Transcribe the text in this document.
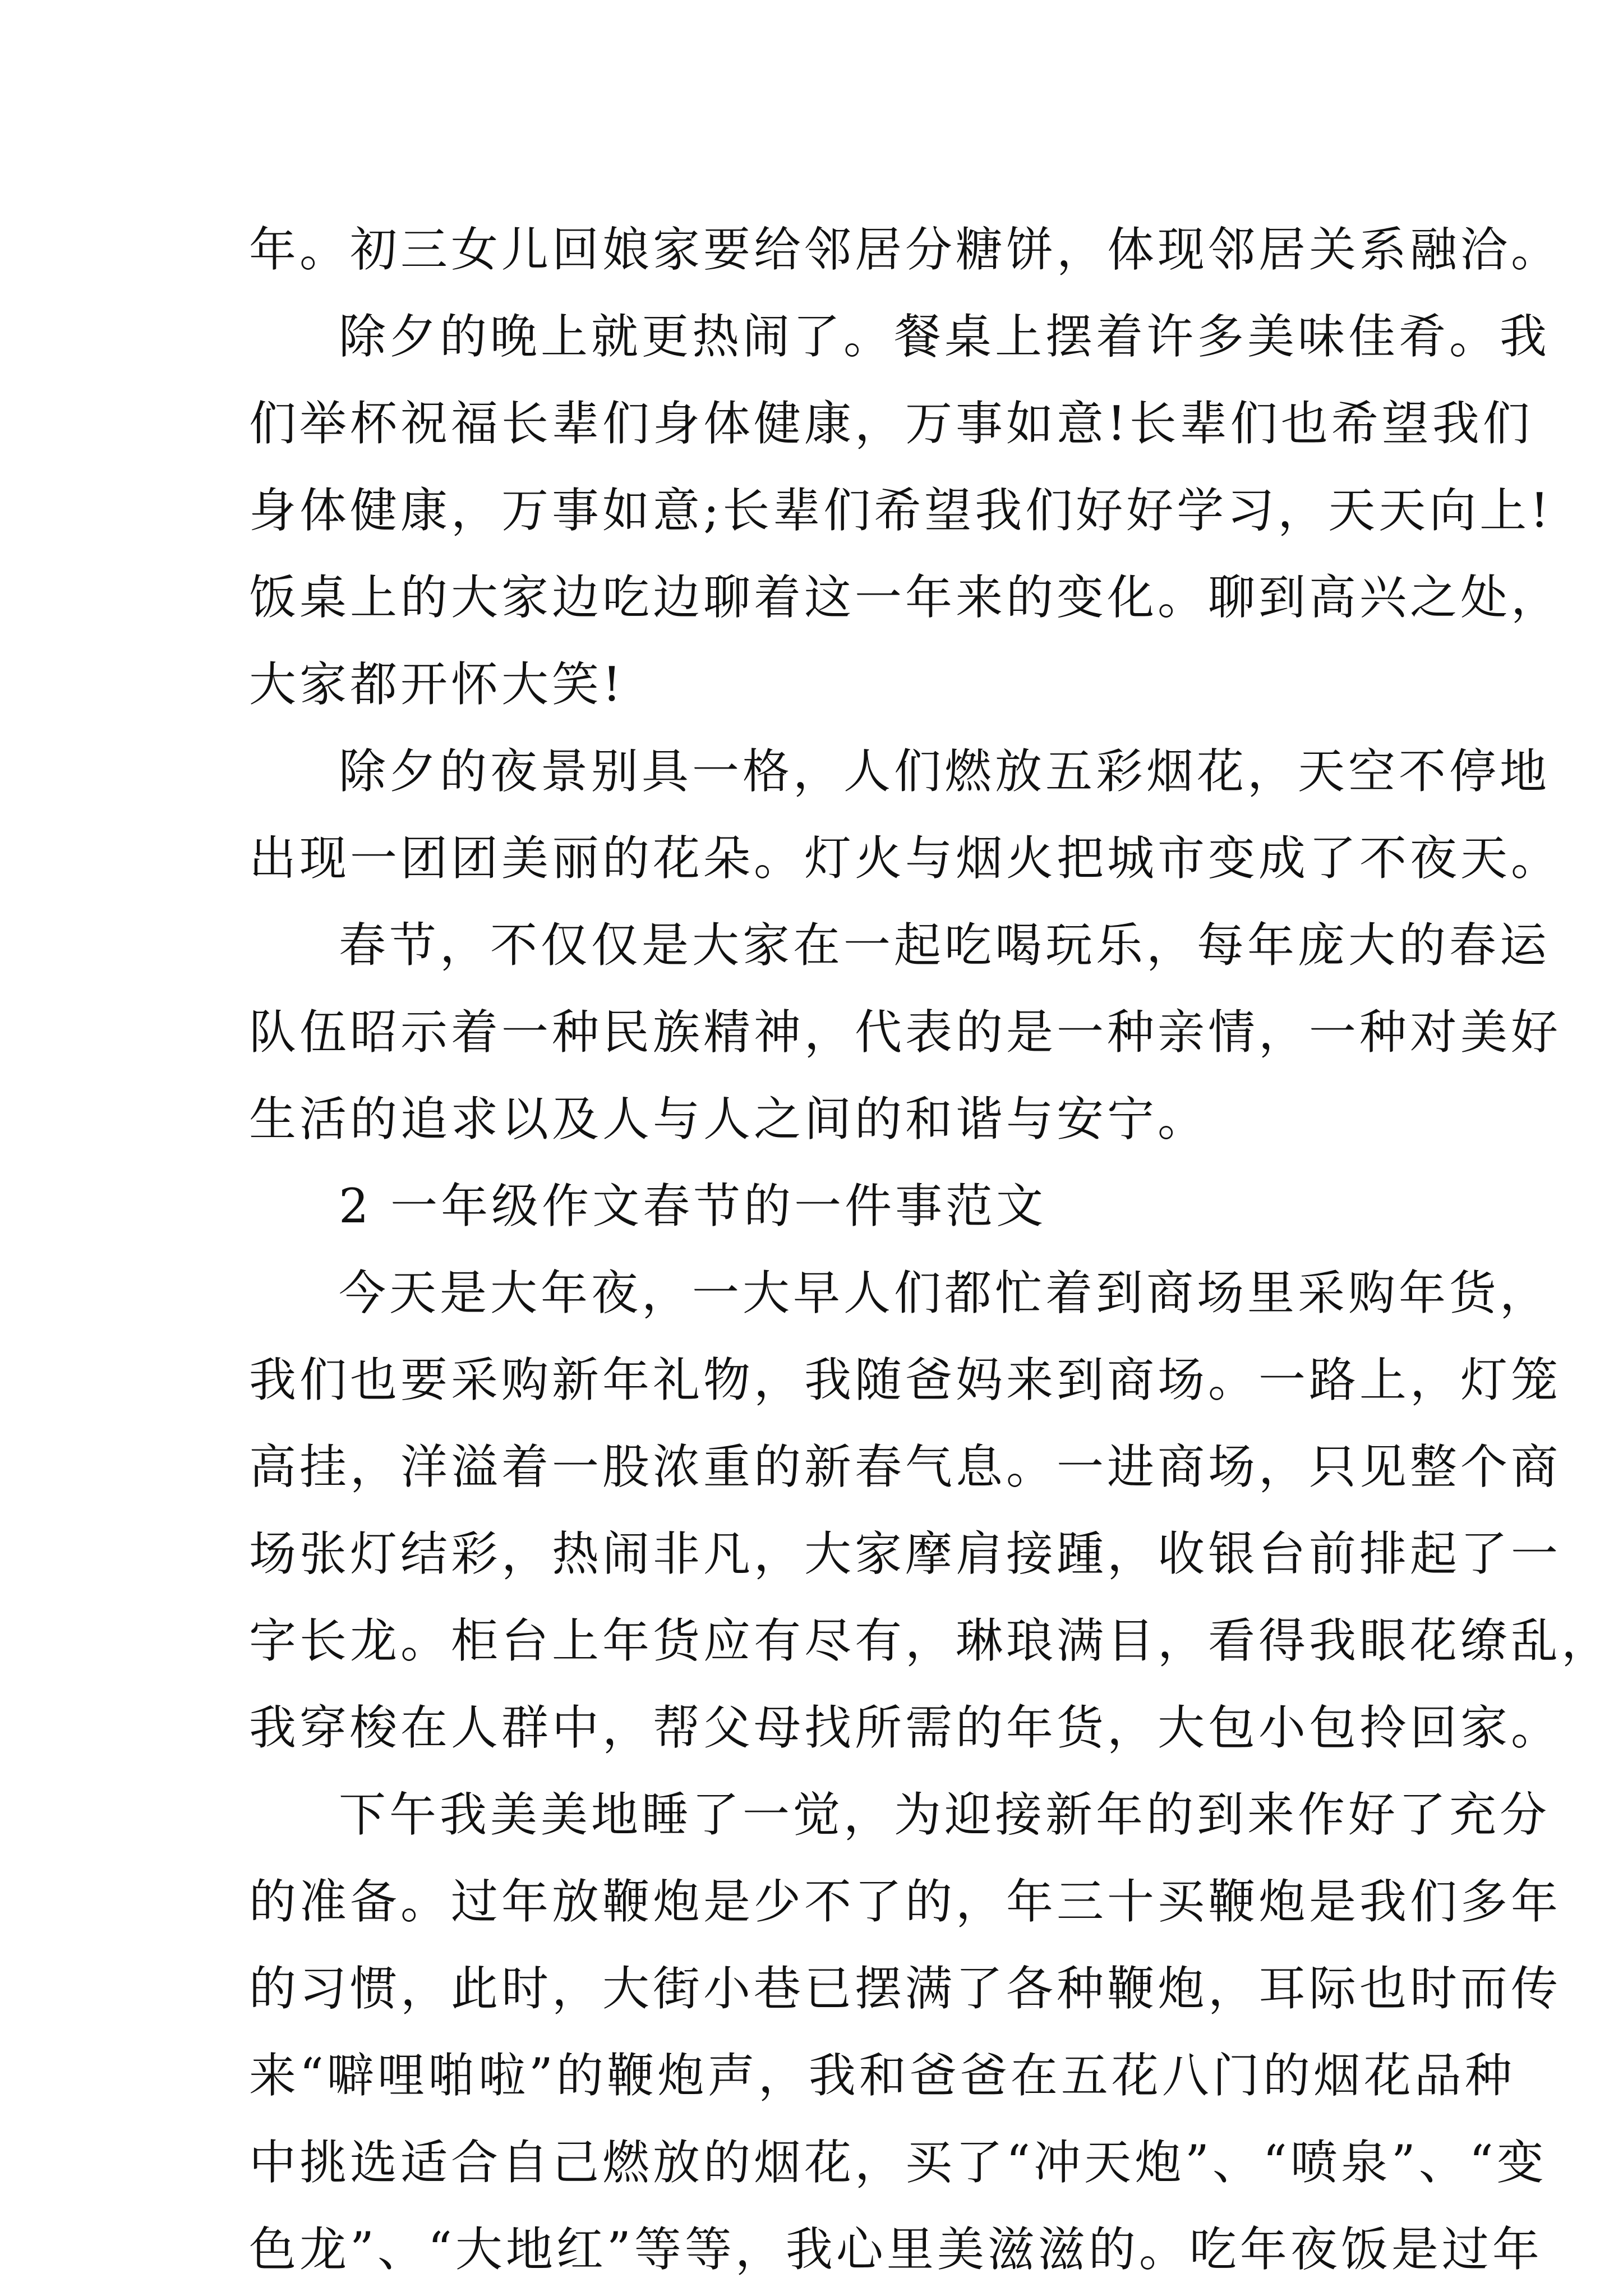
年。初三女儿回娘家要给邻居分糖饼，体现邻居关系融洽。
除夕的晚上就更热闹了。餐桌上摆着许多美味佳肴。我
们举杯祝福长辈们身体健康，万事如意!长辈们也希望我们
身体健康，万事如意;长辈们希望我们好好学习，天天向上!
饭桌上的大家边吃边聊着这一年来的变化。聊到高兴之处，
大家都开怀大笑!
除夕的夜景别具一格，人们燃放五彩烟花，天空不停地
出现一团团美丽的花朵。灯火与烟火把城市变成了不夜天。
春节，不仅仅是大家在一起吃喝玩乐，每年庞大的春运
队伍昭示着一种民族精神，代表的是一种亲情，一种对美好
生活的追求以及人与人之间的和谐与安宁。
2 一年级作文春节的一件事范文
今天是大年夜，一大早人们都忙着到商场里采购年货，
我们也要采购新年礼物，我随爸妈来到商场。一路上，灯笼
高挂，洋溢着一股浓重的新春气息。一进商场，只见整个商
场张灯结彩，热闹非凡，大家摩肩接踵，收银台前排起了一
字长龙。柜台上年货应有尽有，琳琅满目，看得我眼花缭乱，
我穿梭在人群中，帮父母找所需的年货，大包小包拎回家。
下午我美美地睡了一觉，为迎接新年的到来作好了充分
的准备。过年放鞭炮是少不了的，年三十买鞭炮是我们多年
的习惯，此时，大街小巷已摆满了各种鞭炮，耳际也时而传
来“噼哩啪啦”的鞭炮声，我和爸爸在五花八门的烟花品种
中挑选适合自己燃放的烟花，买了“冲天炮”、“喷泉”、“变
色龙”、“大地红”等等，我心里美滋滋的。吃年夜饭是过年
